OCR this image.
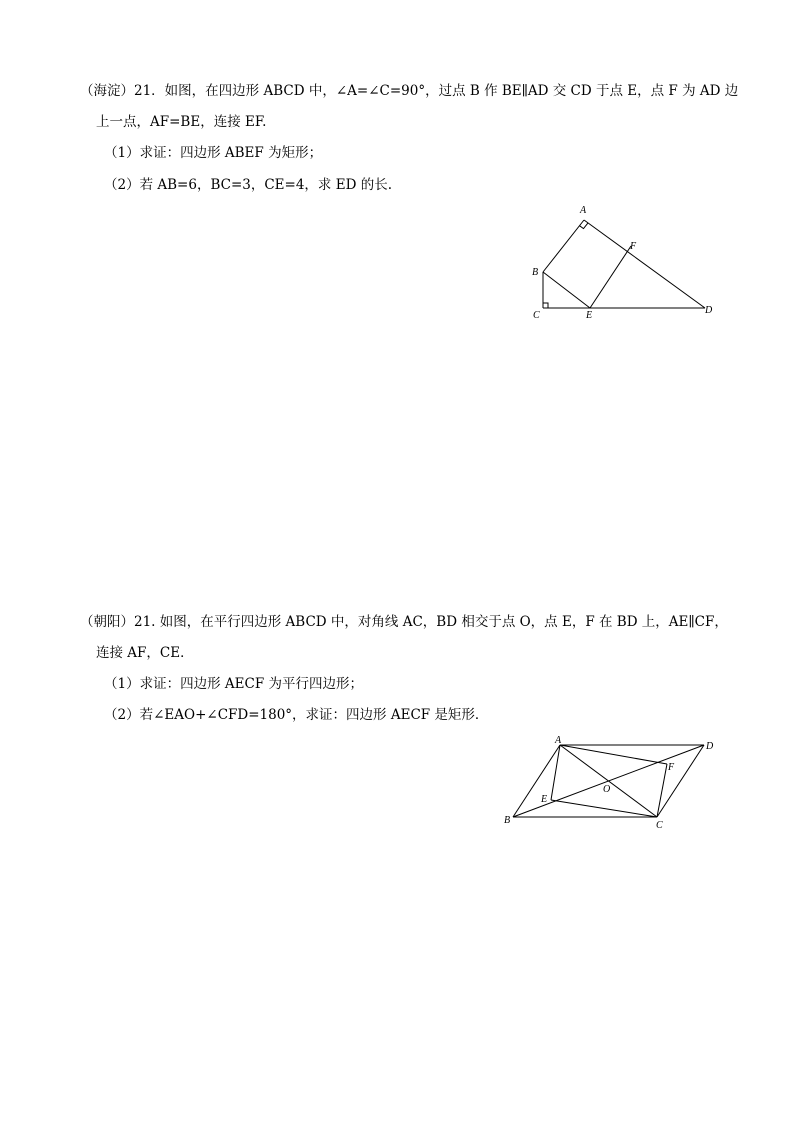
（海淀）21．如图，在四边形 ABCD 中，∠A=∠C=90°，过点 B 作 BE∥AD 交 CD 于点 E，点 F 为 AD 边
上一点，AF=BE，连接 EF.
（1）求证：四边形 ABEF 为矩形；
（2）若 AB=6，BC=3，CE=4，求 ED 的长.
A
B
C	D
E
F
（朝阳）21. 如图，在平行四边形 ABCD 中，对角线 AC，BD 相交于点 O，点 E，F 在 BD 上，AE∥CF，
连接 AF，CE．
（1）求证：四边形 AECF 为平行四边形；
（2）若∠EAO+∠CFD=180°，求证：四边形 AECF 是矩形．
A
D
B	C
O
E
F
